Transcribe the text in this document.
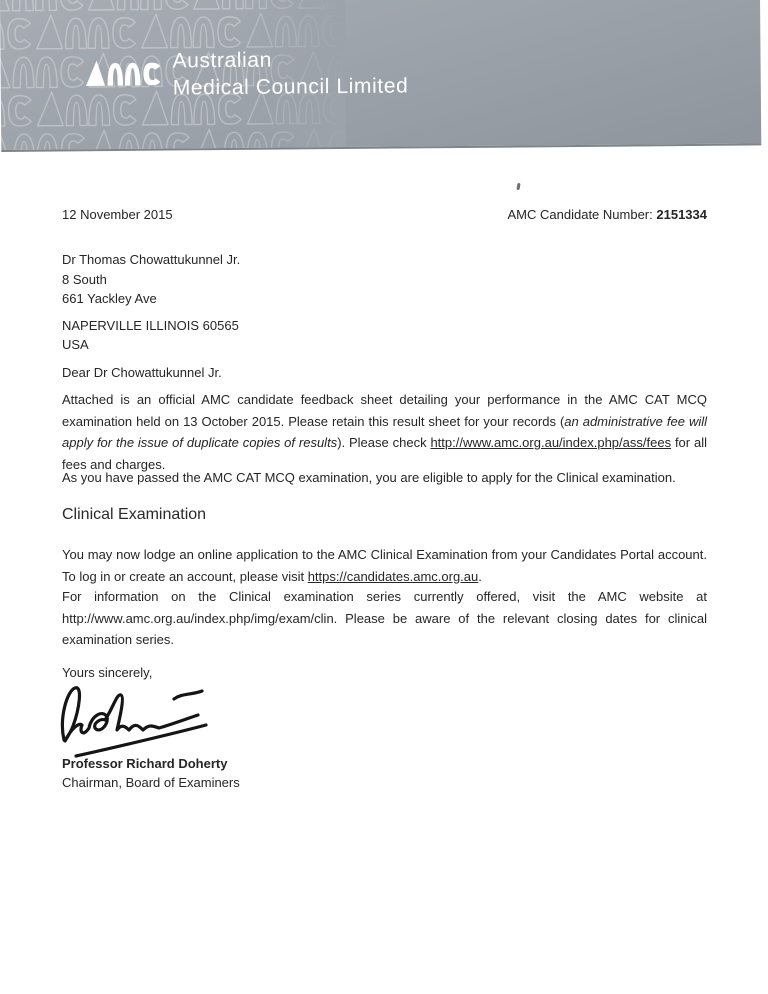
Australian
Medical Council Limited
12 November 2015	AMC Candidate Number: 2151334
Dr Thomas Chowattukunnel Jr.
8 South
661 Yackley Ave
NAPERVILLE ILLINOIS 60565
USA
Dear Dr Chowattukunnel Jr.

Attached is an official AMC candidate feedback sheet detailing your performance in the AMC CAT MCQ examination held on 13 October 2015. Please retain this result sheet for your records (an administrative fee will apply for the issue of duplicate copies of results). Please check http://www.amc.org.au/index.php/ass/fees for all fees and charges.

As you have passed the AMC CAT MCQ examination, you are eligible to apply for the Clinical examination.

Clinical Examination

You may now lodge an online application to the AMC Clinical Examination from your Candidates Portal account. To log in or create an account, please visit https://candidates.amc.org.au.

For information on the Clinical examination series currently offered, visit the AMC website at http://www.amc.org.au/index.php/img/exam/clin. Please be aware of the relevant closing dates for clinical examination series.

Yours sincerely,
Professor Richard Doherty
Chairman, Board of Examiners
